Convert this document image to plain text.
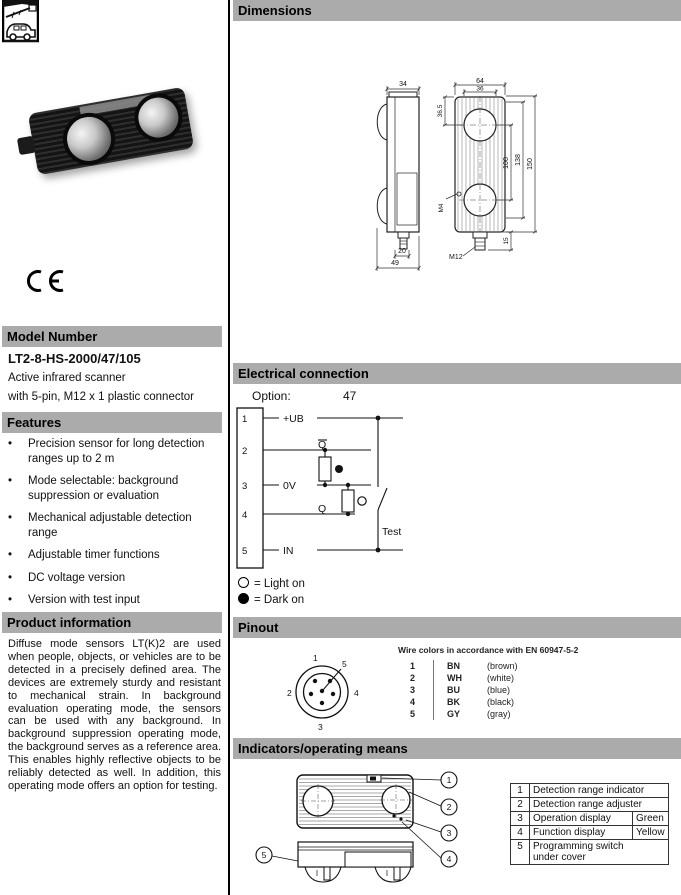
Model Number
LT2-8-HS-2000/47/105
Active infrared scanner
with 5-pin, M12 x 1 plastic connector
Features
•	Precision sensor for long detection ranges up to 2 m
•	Mode selectable: background suppression or evaluation
•	Mechanical adjustable detection range
•	Adjustable timer functions
•	DC voltage version
•	Version with test input
Product information
Diffuse mode sensors LT(K)2 are used when people, objects, or vehicles are to be detected in a precisely defined area. The devices are extremely sturdy and resistant to mechanical strain. In background evaluation operating mode, the sensors can be used with any background. In background suppression operating mode, the background serves as a reference area. This enables highly reflective objects to be reliably detected as well. In addition, this operating mode offers an option for testing.
Dimensions
34
20
49
64
36
36.5
100 138 150
15
M4
M12
Electrical connection
Option:	47
1
2
3
4
5
+UB
0V
IN
Q
Q
Test
= Light on
= Dark on
Pinout
1
2
3
4
5
Wire colors in accordance with EN 60947-5-2
1	BN	(brown)
2	WH	(white)
3	BU	(blue)
4	BK	(black)
5	GY	(gray)
Indicators/operating means
1
2
3
4
5
1	Detection range indicator	
2	Detection range adjuster	
3	Operation display	Green
4	Function display	Yellow
5	Programming switch
under cover	
